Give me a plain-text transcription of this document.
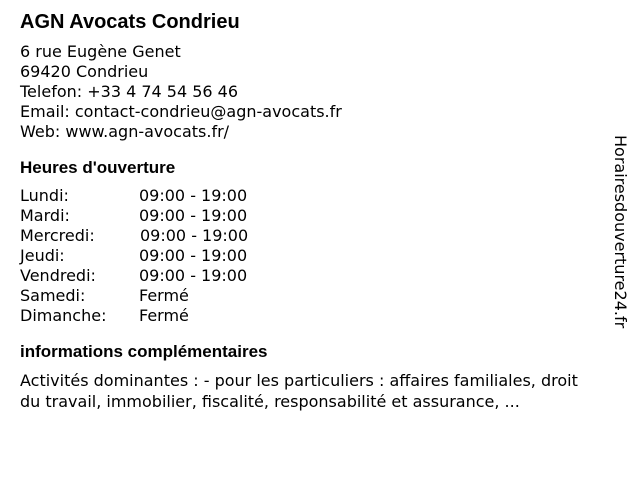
AGN Avocats Condrieu
6 rue Eugène Genet
69420 Condrieu
Telefon: +33 4 74 54 56 46
Email: contact-condrieu@agn-avocats.fr
Web: www.agn-avocats.fr/
Heures d'ouverture
Lundi:	09:00 - 19:00
Mardi:	09:00 - 19:00
Mercredi:	09:00 - 19:00
Jeudi:	09:00 - 19:00
Vendredi:	09:00 - 19:00
Samedi:	Fermé
Dimanche: Fermé
informations complémentaires
Activités dominantes : - pour les particuliers : affaires familiales, droit du travail, immobilier, fiscalité, responsabilité et assurance, ...
Horairesdouverture24.fr
